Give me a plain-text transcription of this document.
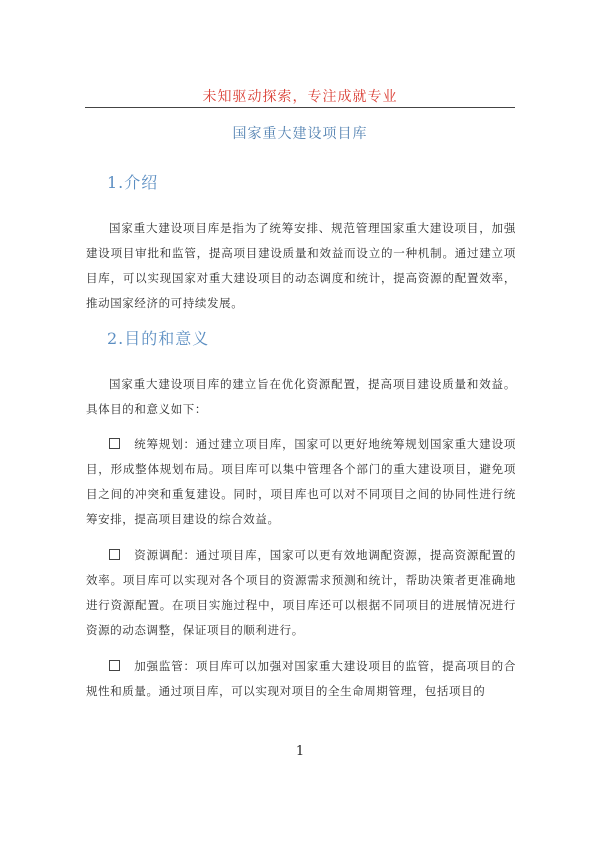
未知驱动探索，专注成就专业
国家重大建设项目库
1.介绍

国家重大建设项目库是指为了统筹安排、规范管理国家重大建设项目，加强建设项目审批和监管，提高项目建设质量和效益而设立的一种机制。通过建立项目库，可以实现国家对重大建设项目的动态调度和统计，提高资源的配置效率，推动国家经济的可持续发展。

2.目的和意义

国家重大建设项目库的建立旨在优化资源配置，提高项目建设质量和效益。具体目的和意义如下：

统筹规划：通过建立项目库，国家可以更好地统筹规划国家重大建设项目，形成整体规划布局。项目库可以集中管理各个部门的重大建设项目，避免项目之间的冲突和重复建设。同时，项目库也可以对不同项目之间的协同性进行统筹安排，提高项目建设的综合效益。

资源调配：通过项目库，国家可以更有效地调配资源，提高资源配置的效率。项目库可以实现对各个项目的资源需求预测和统计，帮助决策者更准确地进行资源配置。在项目实施过程中，项目库还可以根据不同项目的进展情况进行资源的动态调整，保证项目的顺利进行。

加强监管：项目库可以加强对国家重大建设项目的监管，提高项目的合规性和质量。通过项目库，可以实现对项目的全生命周期管理，包括项目的

1
